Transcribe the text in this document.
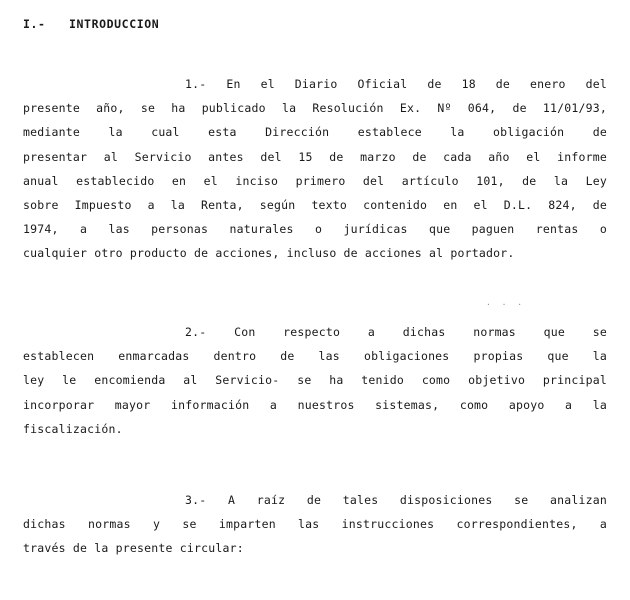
I.- INTRODUCCION
1.- En el Diario Oficial de 18 de enero del
presente año, se ha publicado la Resolución Ex. Nº 064, de 11/01/93,
mediante la cual esta Dirección establece la obligación de
presentar al Servicio antes del 15 de marzo de cada año el informe
anual establecido en el inciso primero del artículo 101, de la Ley
sobre Impuesto a la Renta, según texto contenido en el D.L. 824, de
1974, a las personas naturales o jurídicas que paguen rentas o
cualquier otro producto de acciones, incluso de acciones al portador.
· · ·
2.- Con respecto a dichas normas que se
establecen enmarcadas dentro de las obligaciones propias que la
ley le encomienda al Servicio- se ha tenido como objetivo principal
incorporar mayor información a nuestros sistemas, como apoyo a la
fiscalización.
3.- A raíz de tales disposiciones se analizan
dichas normas y se imparten las instrucciones correspondientes, a
través de la presente circular:
